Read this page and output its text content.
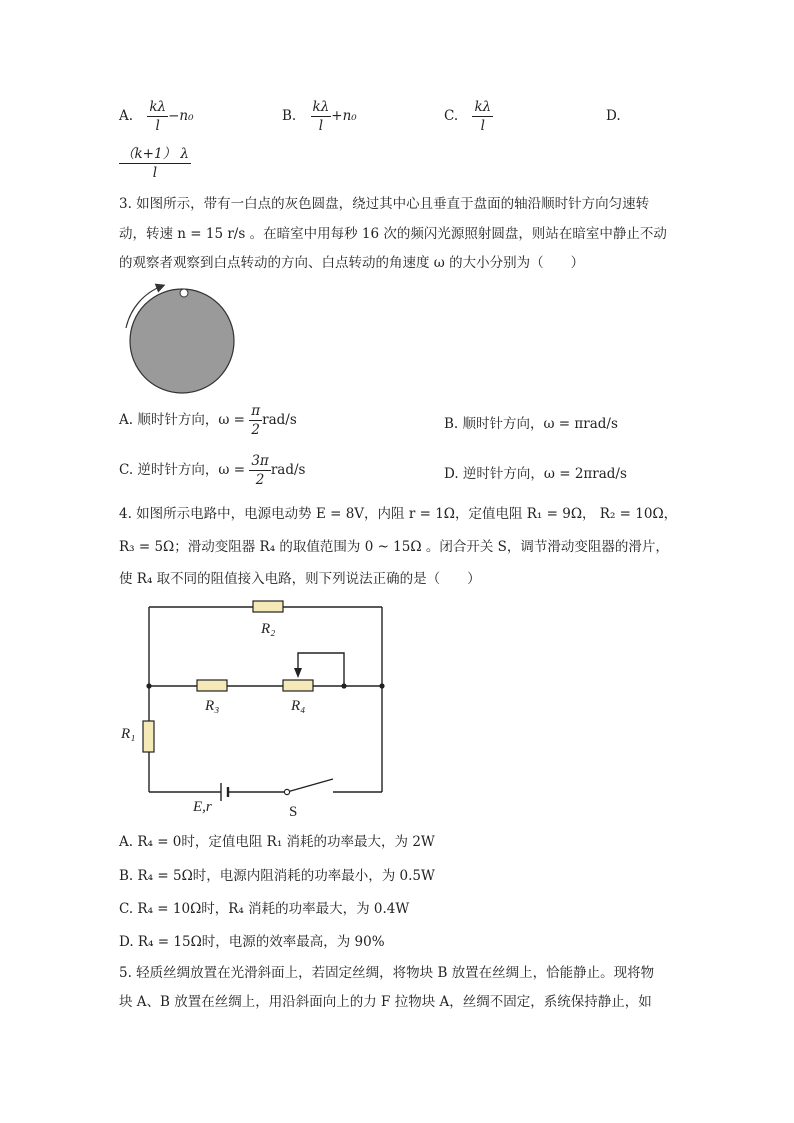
A. $\frac{k\lambda}{l} -n_0$	B. $\frac{k\lambda}{l} +n_0$	C. $\frac{k\lambda}{l}$	D.
$\frac{(k+1) \lambda}{l}$
3. 如图所示，带有一白点的灰色圆盘，绕过其中心且垂直于盘面的轴沿顺时针方向匀速转
动，转速 n = 15 r/s 。在暗室中用每秒 16 次的频闪光源照射圆盘，则站在暗室中静止不动
的观察者观察到白点转动的方向、白点转动的角速度 ω 的大小分别为（　　）
A. 顺时针方向，$\omega = \frac{\pi}{2} rad/s$	B. 顺时针方向，ω = πrad/s
C. 逆时针方向，$\omega = \frac{3\pi}{2} rad/s$	D. 逆时针方向，ω = 2πrad/s
4. 如图所示电路中，电源电动势 E = 8V，内阻 r = 1Ω，定值电阻 R₁ = 9Ω， R₂ = 10Ω，
R₃ = 5Ω；滑动变阻器 R₄ 的取值范围为 0 ~ 15Ω 。闭合开关 S，调节滑动变阻器的滑片，
使 R₄ 取不同的阻值接入电路，则下列说法正确的是（　　）
R₂
R₃	R₄
R₁
E,r	S
A. R₄ = 0时，定值电阻 R₁ 消耗的功率最大，为 2W
B. R₄ = 5Ω时，电源内阻消耗的功率最小，为 0.5W
C. R₄ = 10Ω时，R₄ 消耗的功率最大，为 0.4W
D. R₄ = 15Ω时，电源的效率最高，为 90%
5. 轻质丝绸放置在光滑斜面上，若固定丝绸，将物块 B 放置在丝绸上，恰能静止。现将物
块 A、B 放置在丝绸上，用沿斜面向上的力 F 拉物块 A，丝绸不固定，系统保持静止，如
